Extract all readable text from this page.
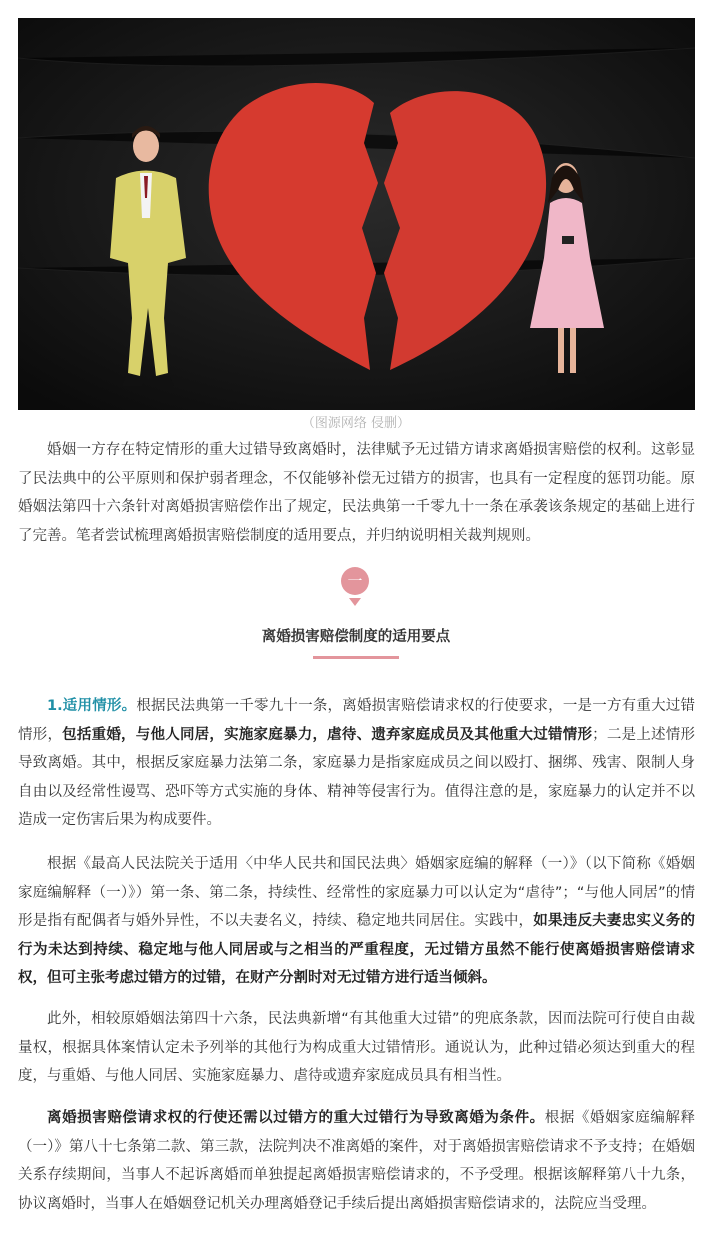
（图源网络 侵删）

婚姻一方存在特定情形的重大过错导致离婚时，法律赋予无过错方请求离婚损害赔偿的权利。这彰显了民法典中的公平原则和保护弱者理念，不仅能够补偿无过错方的损害，也具有一定程度的惩罚功能。原婚姻法第四十六条针对离婚损害赔偿作出了规定，民法典第一千零九十一条在承袭该条规定的基础上进行了完善。笔者尝试梳理离婚损害赔偿制度的适用要点，并归纳说明相关裁判规则。

一
离婚损害赔偿制度的适用要点

1.适用情形。根据民法典第一千零九十一条，离婚损害赔偿请求权的行使要求，一是一方有重大过错情形，包括重婚，与他人同居，实施家庭暴力，虐待、遗弃家庭成员及其他重大过错情形；二是上述情形导致离婚。其中，根据反家庭暴力法第二条，家庭暴力是指家庭成员之间以殴打、捆绑、残害、限制人身自由以及经常性谩骂、恐吓等方式实施的身体、精神等侵害行为。值得注意的是，家庭暴力的认定并不以造成一定伤害后果为构成要件。

根据《最高人民法院关于适用〈中华人民共和国民法典〉婚姻家庭编的解释（一）》（以下简称《婚姻家庭编解释（一）》）第一条、第二条，持续性、经常性的家庭暴力可以认定为“虐待”；“与他人同居”的情形是指有配偶者与婚外异性，不以夫妻名义，持续、稳定地共同居住。实践中，如果违反夫妻忠实义务的行为未达到持续、稳定地与他人同居或与之相当的严重程度，无过错方虽然不能行使离婚损害赔偿请求权，但可主张考虑过错方的过错，在财产分割时对无过错方进行适当倾斜。

此外，相较原婚姻法第四十六条，民法典新增“有其他重大过错”的兜底条款，因而法院可行使自由裁量权，根据具体案情认定未予列举的其他行为构成重大过错情形。通说认为，此种过错必须达到重大的程度，与重婚、与他人同居、实施家庭暴力、虐待或遗弃家庭成员具有相当性。

离婚损害赔偿请求权的行使还需以过错方的重大过错行为导致离婚为条件。根据《婚姻家庭编解释（一）》第八十七条第二款、第三款，法院判决不准离婚的案件，对于离婚损害赔偿请求不予支持；在婚姻关系存续期间，当事人不起诉离婚而单独提起离婚损害赔偿请求的，不予受理。根据该解释第八十九条，协议离婚时，当事人在婚姻登记机关办理离婚登记手续后提出离婚损害赔偿请求的，法院应当受理。
